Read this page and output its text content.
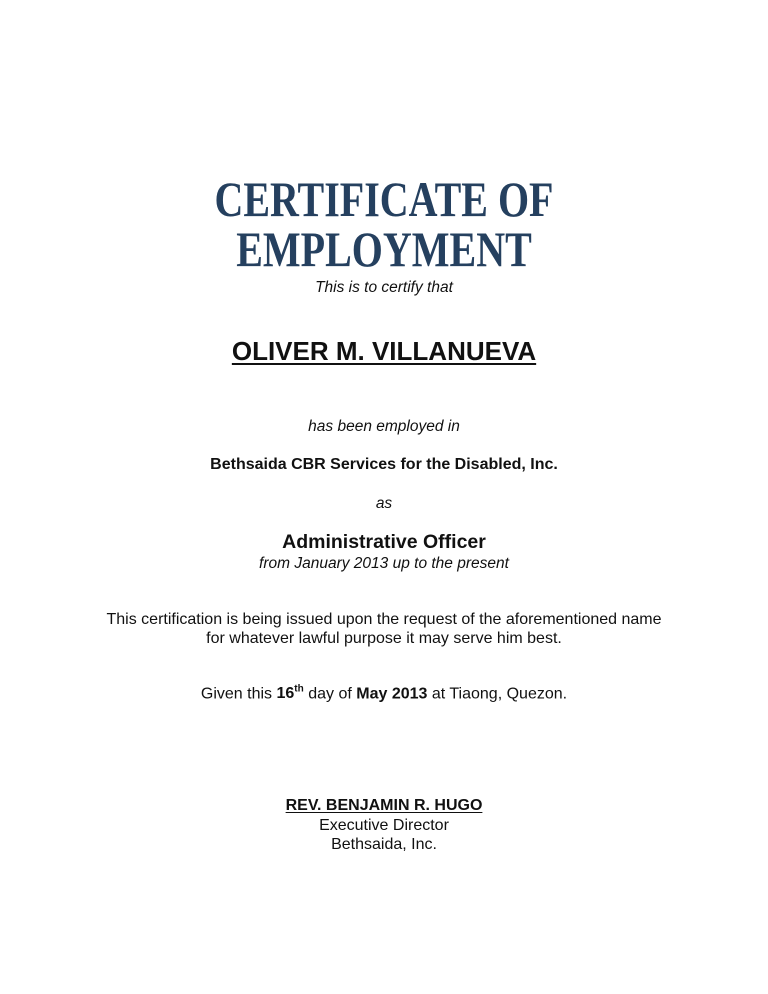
CERTIFICATE OF EMPLOYMENT
This is to certify that
OLIVER M. VILLANUEVA
has been employed in
Bethsaida CBR Services for the Disabled, Inc.
as
Administrative Officer
from January 2013 up to the present
This certification is being issued upon the request of the aforementioned name
for whatever lawful purpose it may serve him best.
Given this 16th day of May 2013 at Tiaong, Quezon.
REV. BENJAMIN R. HUGO
Executive Director
Bethsaida, Inc.
